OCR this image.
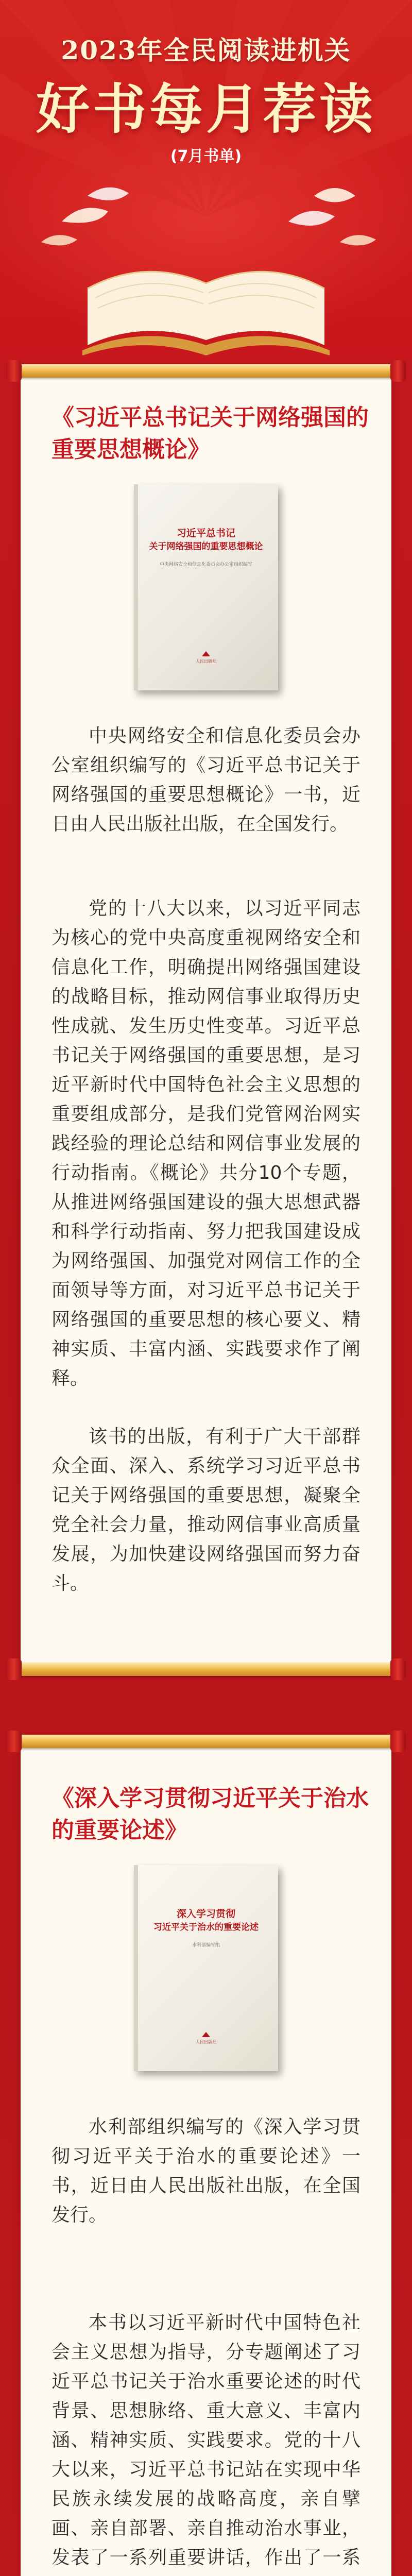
2023年全民阅读进机关
好书每月荐读
(7月书单)
《习近平总书记关于网络强国的重要思想概论》
习近平总书记
关于网络强国的重要思想概论
中央网络安全和信息化委员会办公室组织编写
人民出版社
中央网络安全和信息化委员会办公室组织编写的《习近平总书记关于网络强国的重要思想概论》一书，近日由人民出版社出版，在全国发行。
党的十八大以来，以习近平同志为核心的党中央高度重视网络安全和信息化工作，明确提出网络强国建设的战略目标，推动网信事业取得历史性成就、发生历史性变革。习近平总书记关于网络强国的重要思想，是习近平新时代中国特色社会主义思想的重要组成部分，是我们党管网治网实践经验的理论总结和网信事业发展的行动指南。《概论》共分10个专题，从推进网络强国建设的强大思想武器和科学行动指南、努力把我国建设成为网络强国、加强党对网信工作的全面领导等方面，对习近平总书记关于网络强国的重要思想的核心要义、精神实质、丰富内涵、实践要求作了阐释。
该书的出版，有利于广大干部群众全面、深入、系统学习习近平总书记关于网络强国的重要思想，凝聚全党全社会力量，推动网信事业高质量发展，为加快建设网络强国而努力奋斗。
《深入学习贯彻习近平关于治水的重要论述》
深入学习贯彻
习近平关于治水的重要论述
水利部编写组
人民出版社
水利部组织编写的《深入学习贯彻习近平关于治水的重要论述》一书，近日由人民出版社出版，在全国发行。
本书以习近平新时代中国特色社会主义思想为指导，分专题阐述了习近平总书记关于治水重要论述的时代背景、思想脉络、重大意义、丰富内涵、精神实质、实践要求。党的十八大以来，习近平总书记站在实现中华民族永续发展的战略高度，亲自擘画、亲自部署、亲自推动治水事业，发表了一系列重要讲话，作出了一系
